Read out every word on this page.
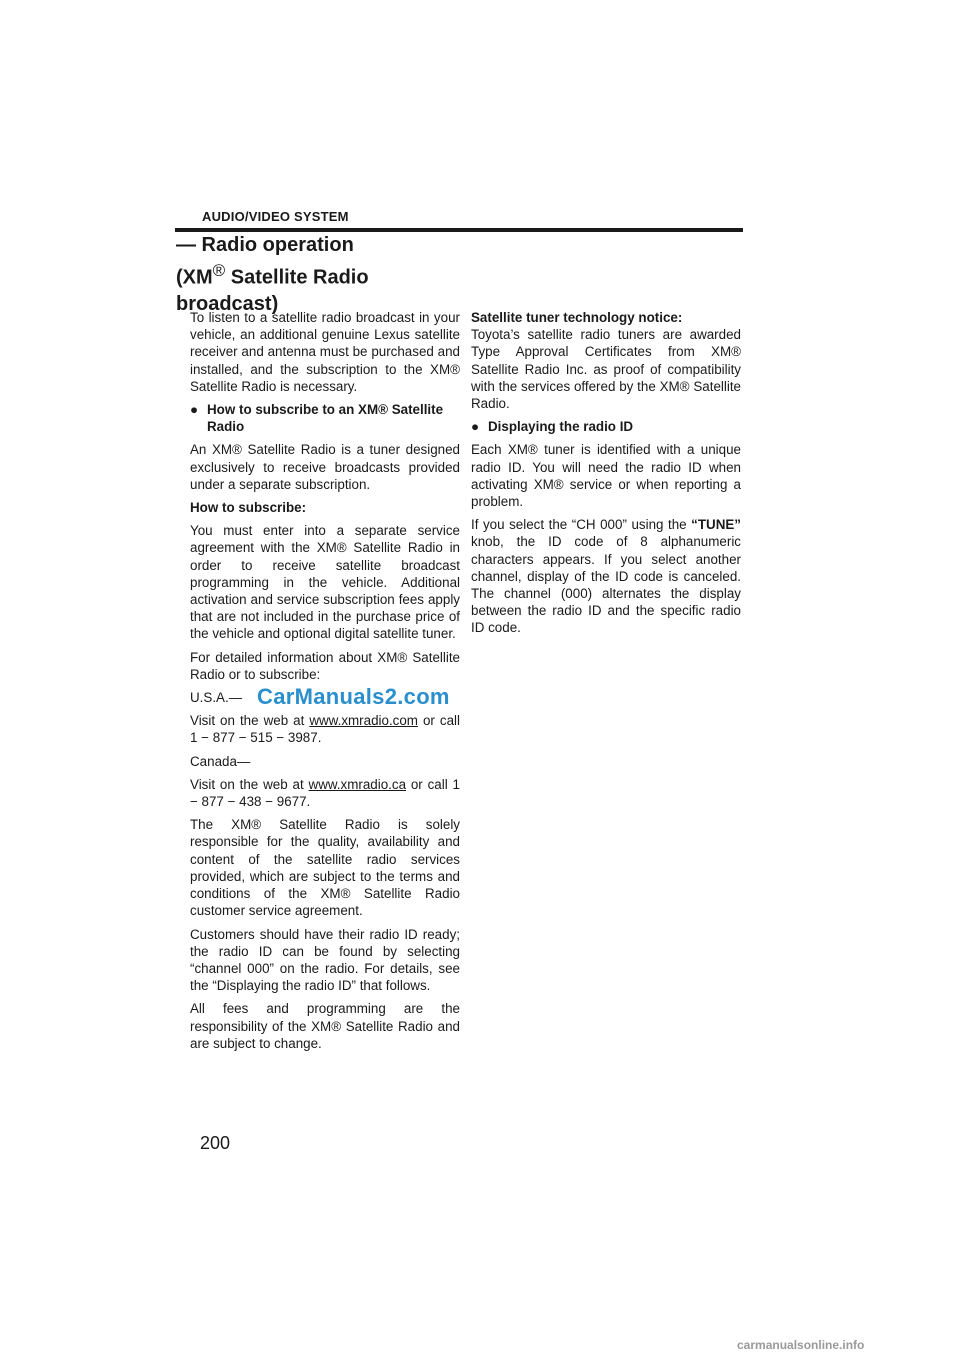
AUDIO/VIDEO SYSTEM
— Radio operation
(XM® Satellite Radio
broadcast)

To listen to a satellite radio broadcast in your vehicle, an additional genuine Lexus satellite receiver and antenna must be purchased and installed, and the subscription to the XM® Satellite Radio is necessary.

● How to subscribe to an XM® Satellite Radio

An XM® Satellite Radio is a tuner designed exclusively to receive broadcasts provided under a separate subscription.

How to subscribe:

You must enter into a separate service agreement with the XM® Satellite Radio in order to receive satellite broadcast programming in the vehicle. Additional activation and service subscription fees apply that are not included in the purchase price of the vehicle and optional digital satellite tuner.

For detailed information about XM® Satellite Radio or to subscribe:

U.S.A.—

Visit on the web at www.xmradio.com or call 1 − 877 − 515 − 3987.

Canada—

Visit on the web at www.xmradio.ca or call 1 − 877 − 438 − 9677.

The XM® Satellite Radio is solely responsible for the quality, availability and content of the satellite radio services provided, which are subject to the terms and conditions of the XM® Satellite Radio customer service agreement.

Customers should have their radio ID ready; the radio ID can be found by selecting “channel 000” on the radio. For details, see the “Displaying the radio ID” that follows.

All fees and programming are the responsibility of the XM® Satellite Radio and are subject to change.

Satellite tuner technology notice:
Toyota’s satellite radio tuners are awarded Type Approval Certificates from XM® Satellite Radio Inc. as proof of compatibility with the services offered by the XM® Satellite Radio.

● Displaying the radio ID

Each XM® tuner is identified with a unique radio ID. You will need the radio ID when activating XM® service or when reporting a problem.

If you select the “CH 000” using the “TUNE” knob, the ID code of 8 alphanumeric characters appears. If you select another channel, display of the ID code is canceled. The channel (000) alternates the display between the radio ID and the specific radio ID code.

CarManuals2.com
200
carmanualsonline.info
